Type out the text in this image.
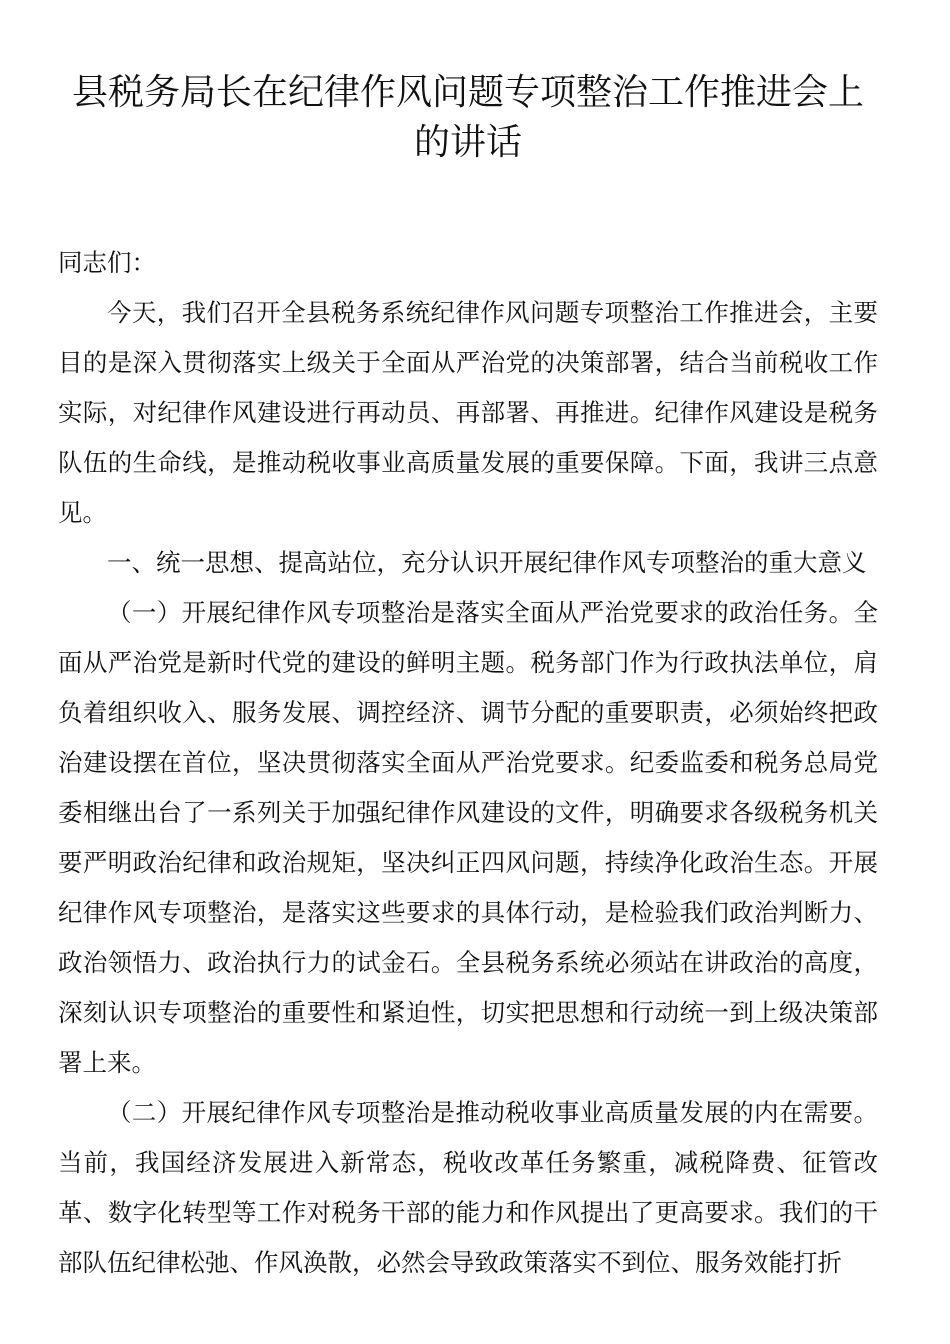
县税务局长在纪律作风问题专项整治工作推进会上的讲话

同志们：

今天，我们召开全县税务系统纪律作风问题专项整治工作推进会，主要目的是深入贯彻落实上级关于全面从严治党的决策部署，结合当前税收工作实际，对纪律作风建设进行再动员、再部署、再推进。纪律作风建设是税务队伍的生命线，是推动税收事业高质量发展的重要保障。下面，我讲三点意见。

一、统一思想、提高站位，充分认识开展纪律作风专项整治的重大意义

（一）开展纪律作风专项整治是落实全面从严治党要求的政治任务。全面从严治党是新时代党的建设的鲜明主题。税务部门作为行政执法单位，肩负着组织收入、服务发展、调控经济、调节分配的重要职责，必须始终把政治建设摆在首位，坚决贯彻落实全面从严治党要求。纪委监委和税务总局党委相继出台了一系列关于加强纪律作风建设的文件，明确要求各级税务机关要严明政治纪律和政治规矩，坚决纠正四风问题，持续净化政治生态。开展纪律作风专项整治，是落实这些要求的具体行动，是检验我们政治判断力、政治领悟力、政治执行力的试金石。全县税务系统必须站在讲政治的高度，深刻认识专项整治的重要性和紧迫性，切实把思想和行动统一到上级决策部署上来。

（二）开展纪律作风专项整治是推动税收事业高质量发展的内在需要。当前，我国经济发展进入新常态，税收改革任务繁重，减税降费、征管改革、数字化转型等工作对税务干部的能力和作风提出了更高要求。我们的干部队伍纪律松弛、作风涣散，必然会导致政策落实不到位、服务效能打折
